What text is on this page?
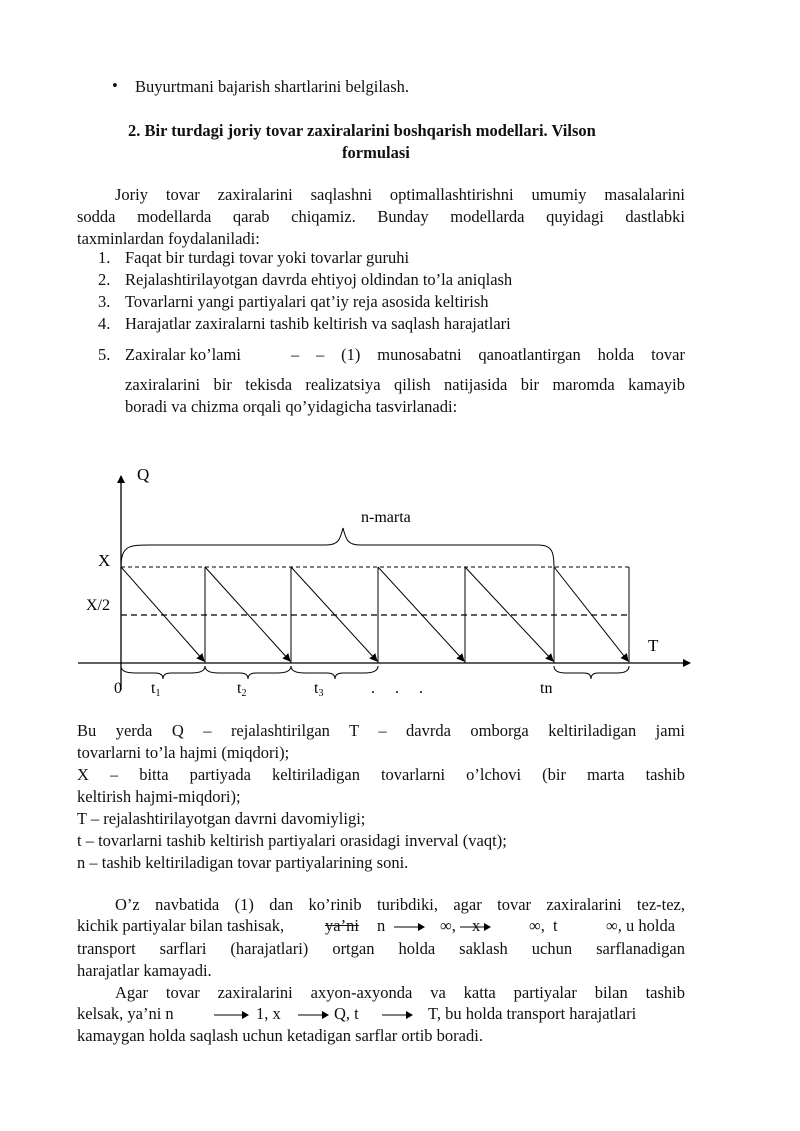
• Buyurtmani bajarish shartlarini belgilash.
2. Bir turdagi joriy tovar zaxiralarini boshqarish modellari. Vilson
formulasi
Joriy tovar zaxiralarini saqlashni optimallashtirishni umumiy masalalarini
sodda modellarda qarab chiqamiz. Bunday modellarda quyidagi dastlabki
taxminlardan foydalaniladi:
1. Faqat bir turdagi tovar yoki tovarlar guruhi
2. Rejalashtirilayotgan davrda ehtiyoj oldindan to’la aniqlash
3. Tovarlarni yangi partiyalari qat’iy reja asosida keltirish
4. Harajatlar zaxiralarni tashib keltirish va saqlash harajatlari
5. Zaxiralar ko’lami	– – (1) munosabatni qanoatlantirgan holda tovar
zaxiralarini bir tekisda realizatsiya qilish natijasida bir maromda kamayib
boradi va chizma orqali qo’yidagicha tasvirlanadi:
Q
n-marta
X
X/2
T
0 t1	t2	t3	.     .     .	tn
Bu yerda Q – rejalashtirilgan T – davrda omborga keltiriladigan jami
tovarlarni to’la hajmi (miqdori);
X – bitta partiyada keltiriladigan tovarlarni o’lchovi (bir marta tashib
keltirish hajmi-miqdori);
T – rejalashtirilayotgan davrni davomiyligi;
t – tovarlarni tashib keltirish partiyalari orasidagi inverval (vaqt);
n – tashib keltiriladigan tovar partiyalarining soni.
O’z navbatida (1) dan ko’rinib turibdiki, agar tovar zaxiralarini tez-tez,
kichik partiyalar bilan tashisak, ya’ni n	∞, x	∞, t	∞, u holda
transport sarflari (harajatlari) ortgan holda saklash uchun sarflanadigan
harajatlar kamayadi.
Agar tovar zaxiralarini axyon-axyonda va katta partiyalar bilan tashib
kelsak, ya’ni n	1, x	Q, t	T, bu holda transport harajatlari
kamaygan holda saqlash uchun ketadigan sarflar ortib boradi.
